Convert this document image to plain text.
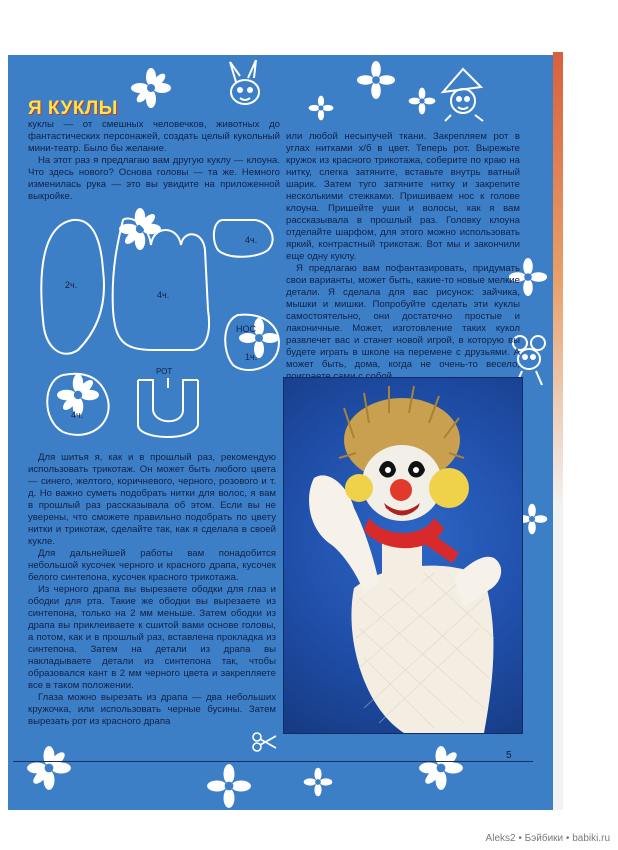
Я КУКЛЫ

куклы — от смешных человечков, животных до фантастических персонажей, создать целый кукольный мини-театр. Было бы желание.

На этот раз я предлагаю вам другую куклу — клоуна. Что здесь нового? Основа головы — та же. Немного изменилась рука — это вы увидите на приложенной выкройке.

2ч.
4ч.
4ч.
4ч.
НОС
1ч.
РОТ

Для шитья я, как и в прошлый раз, рекомендую использовать трикотаж. Он может быть любого цвета — синего, желтого, коричневого, черного, розового и т. д. Но важно суметь подобрать нитки для волос, я вам в прошлый раз рассказывала об этом. Если вы не уверены, что сможете правильно подобрать по цвету нитки и трикотаж, сделайте так, как я сделала в своей кукле.

Для дальнейшей работы вам понадобится небольшой кусочек черного и красного драпа, кусочек белого синтепона, кусочек красного трикотажа.

Из черного драпа вы вырезаете ободки для глаз и ободки для рта. Такие же ободки вы вырезаете из синтепона, только на 2 мм меньше. Затем ободки из драпа вы приклеиваете к сшитой вами основе головы, а потом, как и в прошлый раз, вставлена прокладка из синтепона. Затем на детали из драпа вы накладываете детали из синтепона так, чтобы образовался кант в 2 мм черного цвета и закрепляете все в таком положении.

Глаза можно вырезать из драпа — два небольших кружочка, или использовать черные бусины. Затем вырезать рот из красного драпа

или любой несыпучей ткани. Закрепляем рот в углах нитками х/б в цвет. Теперь рот. Вырежьте кружок из красного трикотажа, соберите по краю на нитку, слегка затяните, вставьте внутрь ватный шарик. Затем туго затяните нитку и закрепите несколькими стежками. Пришиваем нос к голове клоуна. Пришейте уши и волосы, как я вам рассказывала в прошлый раз. Головку клоуна отделайте шарфом, для этого можно использовать яркий, контрастный трикотаж. Вот мы и закончили еще одну куклу.

Я предлагаю вам пофантазировать, придумать свои варианты, может быть, какие-то новые мелкие детали. Я сделала для вас рисунок: зайчика, мышки и мишки. Попробуйте сделать эти куклы самостоятельно, они достаточно простые и лаконичные. Может, изготовление таких кукол развлечет вас и станет новой игрой, в которую вы будете играть в школе на перемене с друзьями. А может быть, дома, когда не очень-то весело,

5
Aleks2 • Бэйбики • babiki.ru
